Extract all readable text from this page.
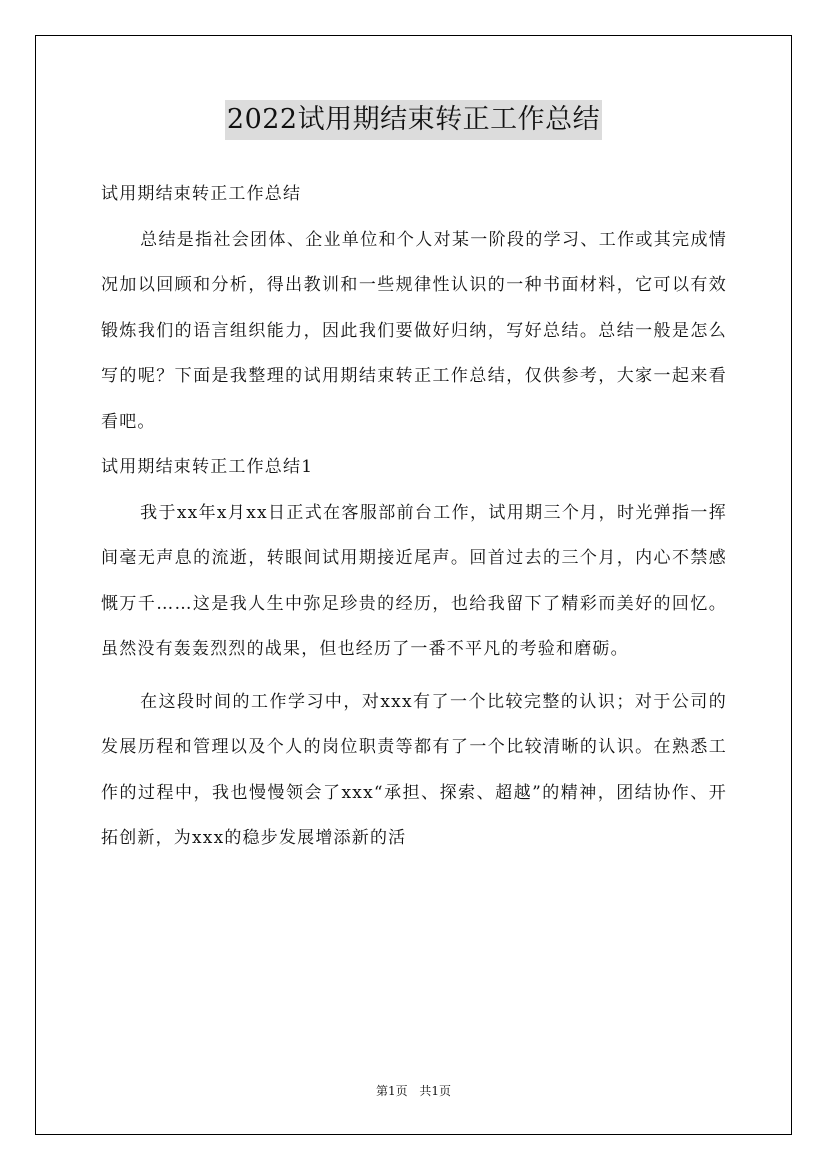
2022试用期结束转正工作总结

试用期结束转正工作总结

总结是指社会团体、企业单位和个人对某一阶段的学习、工作或其完成情况加以回顾和分析，得出教训和一些规律性认识的一种书面材料，它可以有效锻炼我们的语言组织能力，因此我们要做好归纳，写好总结。总结一般是怎么写的呢？下面是我整理的试用期结束转正工作总结，仅供参考，大家一起来看看吧。

试用期结束转正工作总结1

我于xx年x月xx日正式在客服部前台工作，试用期三个月，时光弹指一挥间毫无声息的流逝，转眼间试用期接近尾声。回首过去的三个月，内心不禁感慨万千……这是我人生中弥足珍贵的经历，也给我留下了精彩而美好的回忆。虽然没有轰轰烈烈的战果，但也经历了一番不平凡的考验和磨砺。

在这段时间的工作学习中，对xxx有了一个比较完整的认识；对于公司的发展历程和管理以及个人的岗位职责等都有了一个比较清晰的认识。在熟悉工作的过程中，我也慢慢领会了xxx“承担、探索、超越”的精神，团结协作、开拓创新，为xxx的稳步发展增添新的活

第1页 共1页
